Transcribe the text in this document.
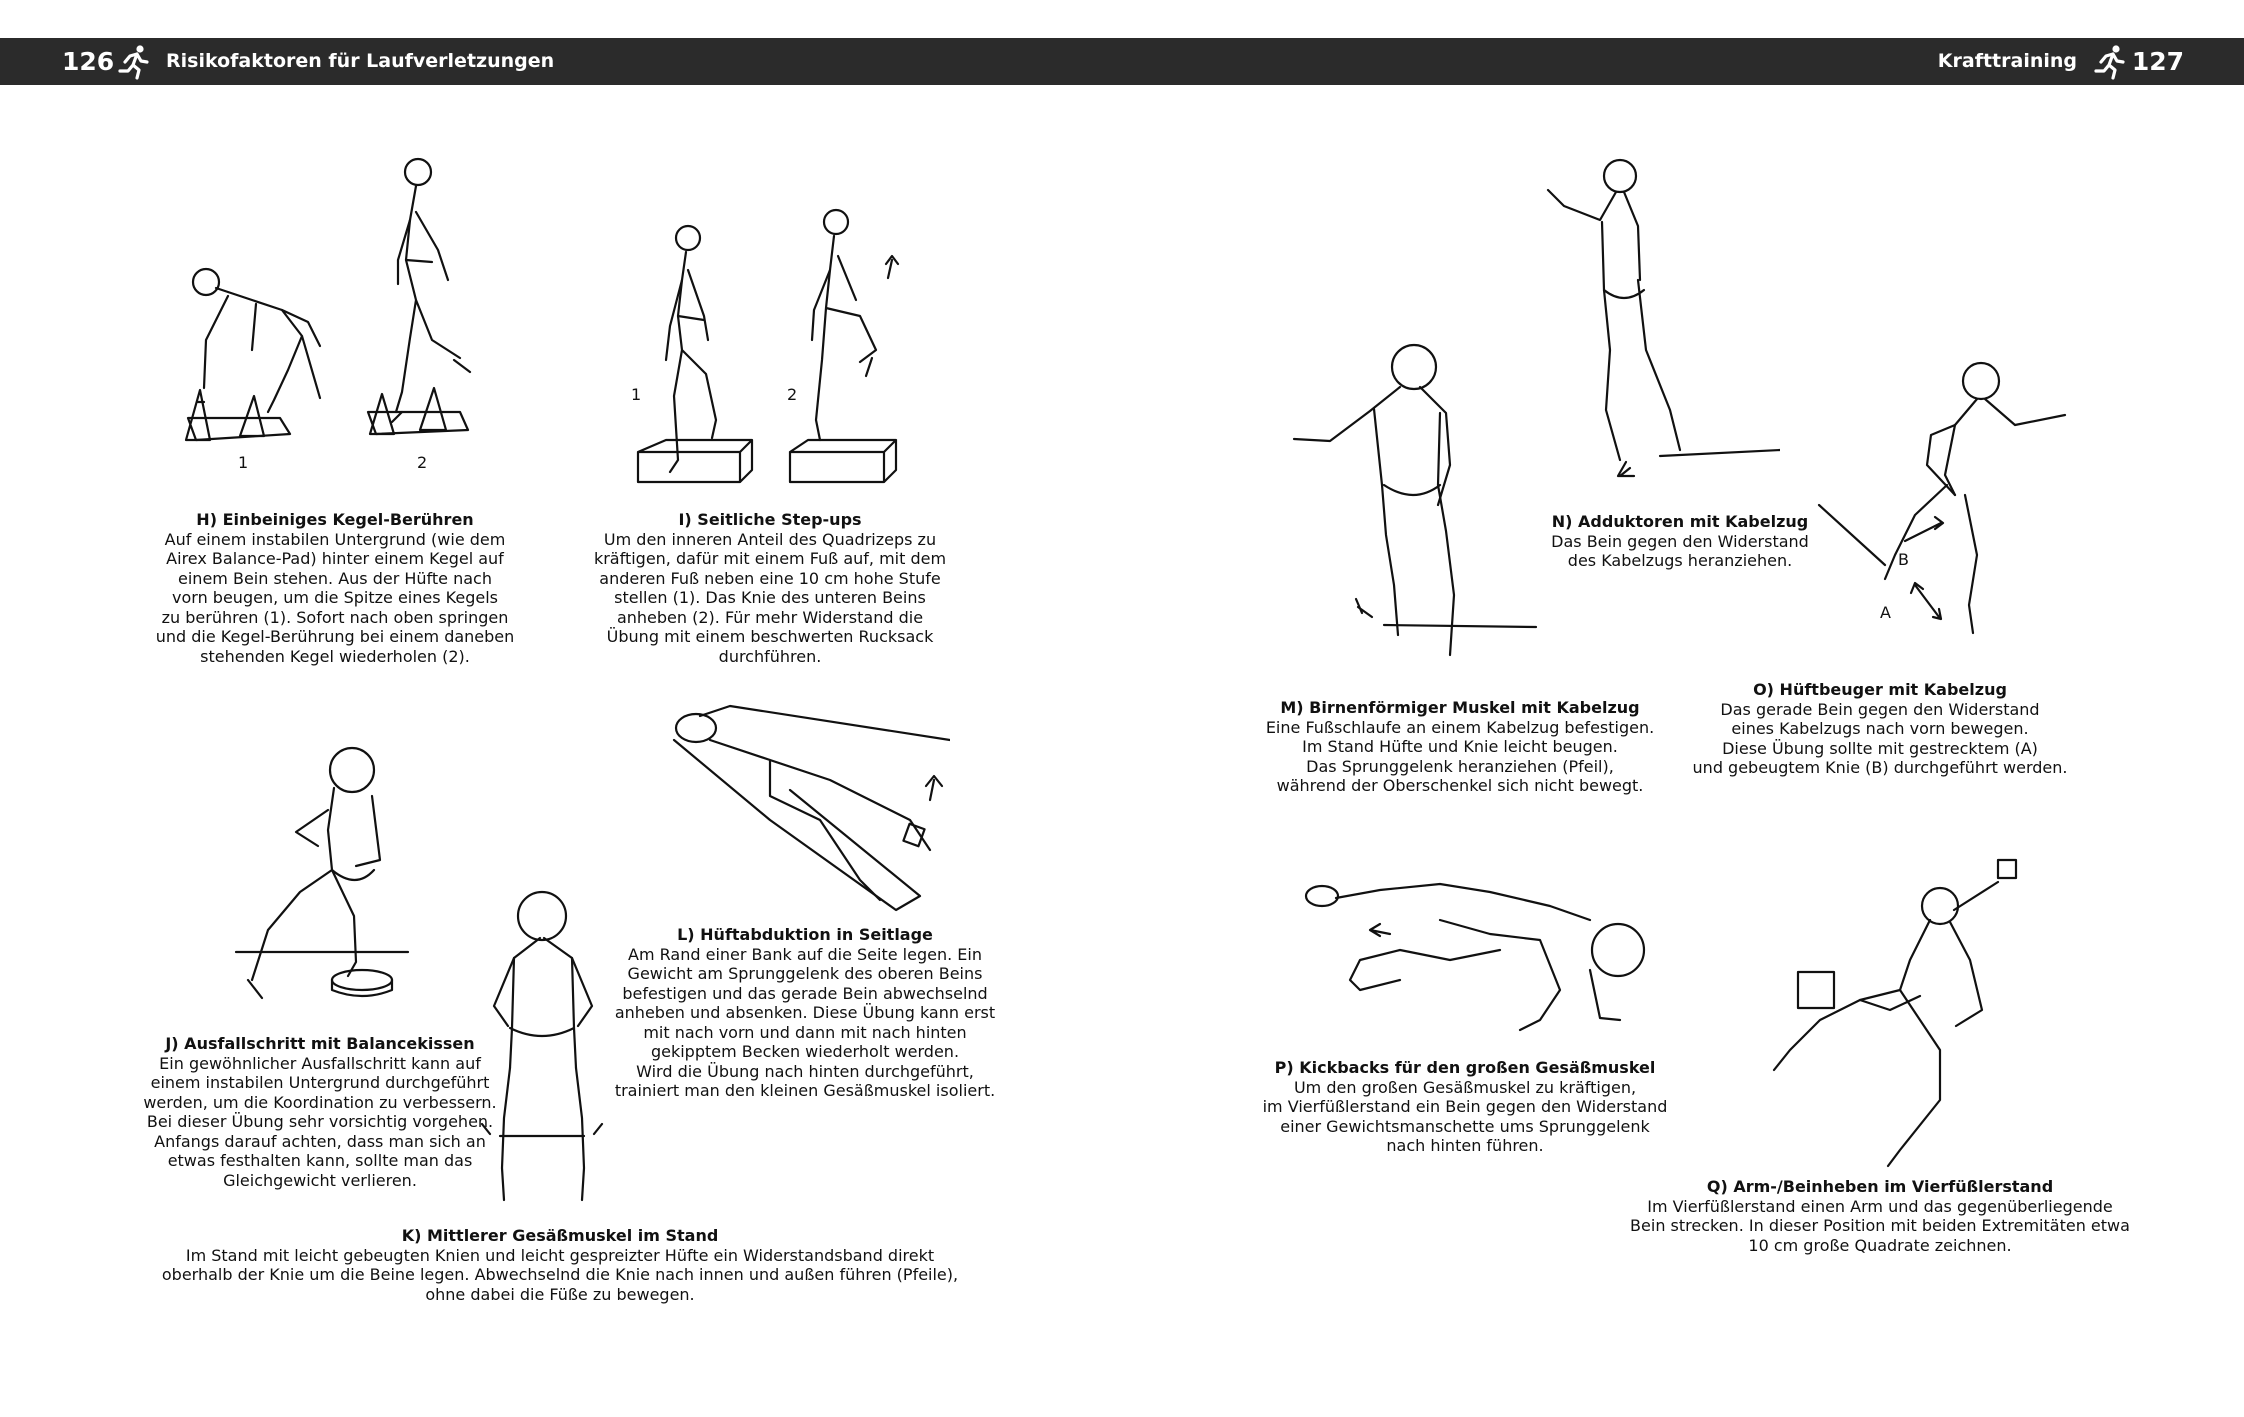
126	Risikofaktoren für Laufverletzungen	Krafttraining 127
1	2
1	2
B
A
H) Einbeiniges Kegel-Berühren
Auf einem instabilen Untergrund (wie dem
Airex Balance-Pad) hinter einem Kegel auf
einem Bein stehen. Aus der Hüfte nach
vorn beugen, um die Spitze eines Kegels
zu berühren (1). Sofort nach oben springen
und die Kegel-Berührung bei einem daneben
stehenden Kegel wiederholen (2).
I) Seitliche Step-ups
Um den inneren Anteil des Quadrizeps zu
kräftigen, dafür mit einem Fuß auf, mit dem
anderen Fuß neben eine 10 cm hohe Stufe
stellen (1). Das Knie des unteren Beins
anheben (2). Für mehr Widerstand die
Übung mit einem beschwerten Rucksack
durchführen.
J) Ausfallschritt mit Balancekissen
Ein gewöhnlicher Ausfallschritt kann auf
einem instabilen Untergrund durchgeführt
werden, um die Koordination zu verbessern.
Bei dieser Übung sehr vorsichtig vorgehen.
Anfangs darauf achten, dass man sich an
etwas festhalten kann, sollte man das
Gleichgewicht verlieren.
K) Mittlerer Gesäßmuskel im Stand
Im Stand mit leicht gebeugten Knien und leicht gespreizter Hüfte ein Widerstandsband direkt
oberhalb der Knie um die Beine legen. Abwechselnd die Knie nach innen und außen führen (Pfeile),
ohne dabei die Füße zu bewegen.
L) Hüftabduktion in Seitlage
Am Rand einer Bank auf die Seite legen. Ein
Gewicht am Sprunggelenk des oberen Beins
befestigen und das gerade Bein abwechselnd
anheben und absenken. Diese Übung kann erst
mit nach vorn und dann mit nach hinten
gekipptem Becken wiederholt werden.
Wird die Übung nach hinten durchgeführt,
trainiert man den kleinen Gesäßmuskel isoliert.
M) Birnenförmiger Muskel mit Kabelzug
Eine Fußschlaufe an einem Kabelzug befestigen.
Im Stand Hüfte und Knie leicht beugen.
Das Sprunggelenk heranziehen (Pfeil),
während der Oberschenkel sich nicht bewegt.
N) Adduktoren mit Kabelzug
Das Bein gegen den Widerstand
des Kabelzugs heranziehen.
O) Hüftbeuger mit Kabelzug
Das gerade Bein gegen den Widerstand
eines Kabelzugs nach vorn bewegen.
Diese Übung sollte mit gestrecktem (A)
und gebeugtem Knie (B) durchgeführt werden.
P) Kickbacks für den großen Gesäßmuskel
Um den großen Gesäßmuskel zu kräftigen,
im Vierfüßlerstand ein Bein gegen den Widerstand
einer Gewichtsmanschette ums Sprunggelenk
nach hinten führen.
Q) Arm-/Beinheben im Vierfüßlerstand
Im Vierfüßlerstand einen Arm und das gegenüberliegende
Bein strecken. In dieser Position mit beiden Extremitäten etwa
10 cm große Quadrate zeichnen.
